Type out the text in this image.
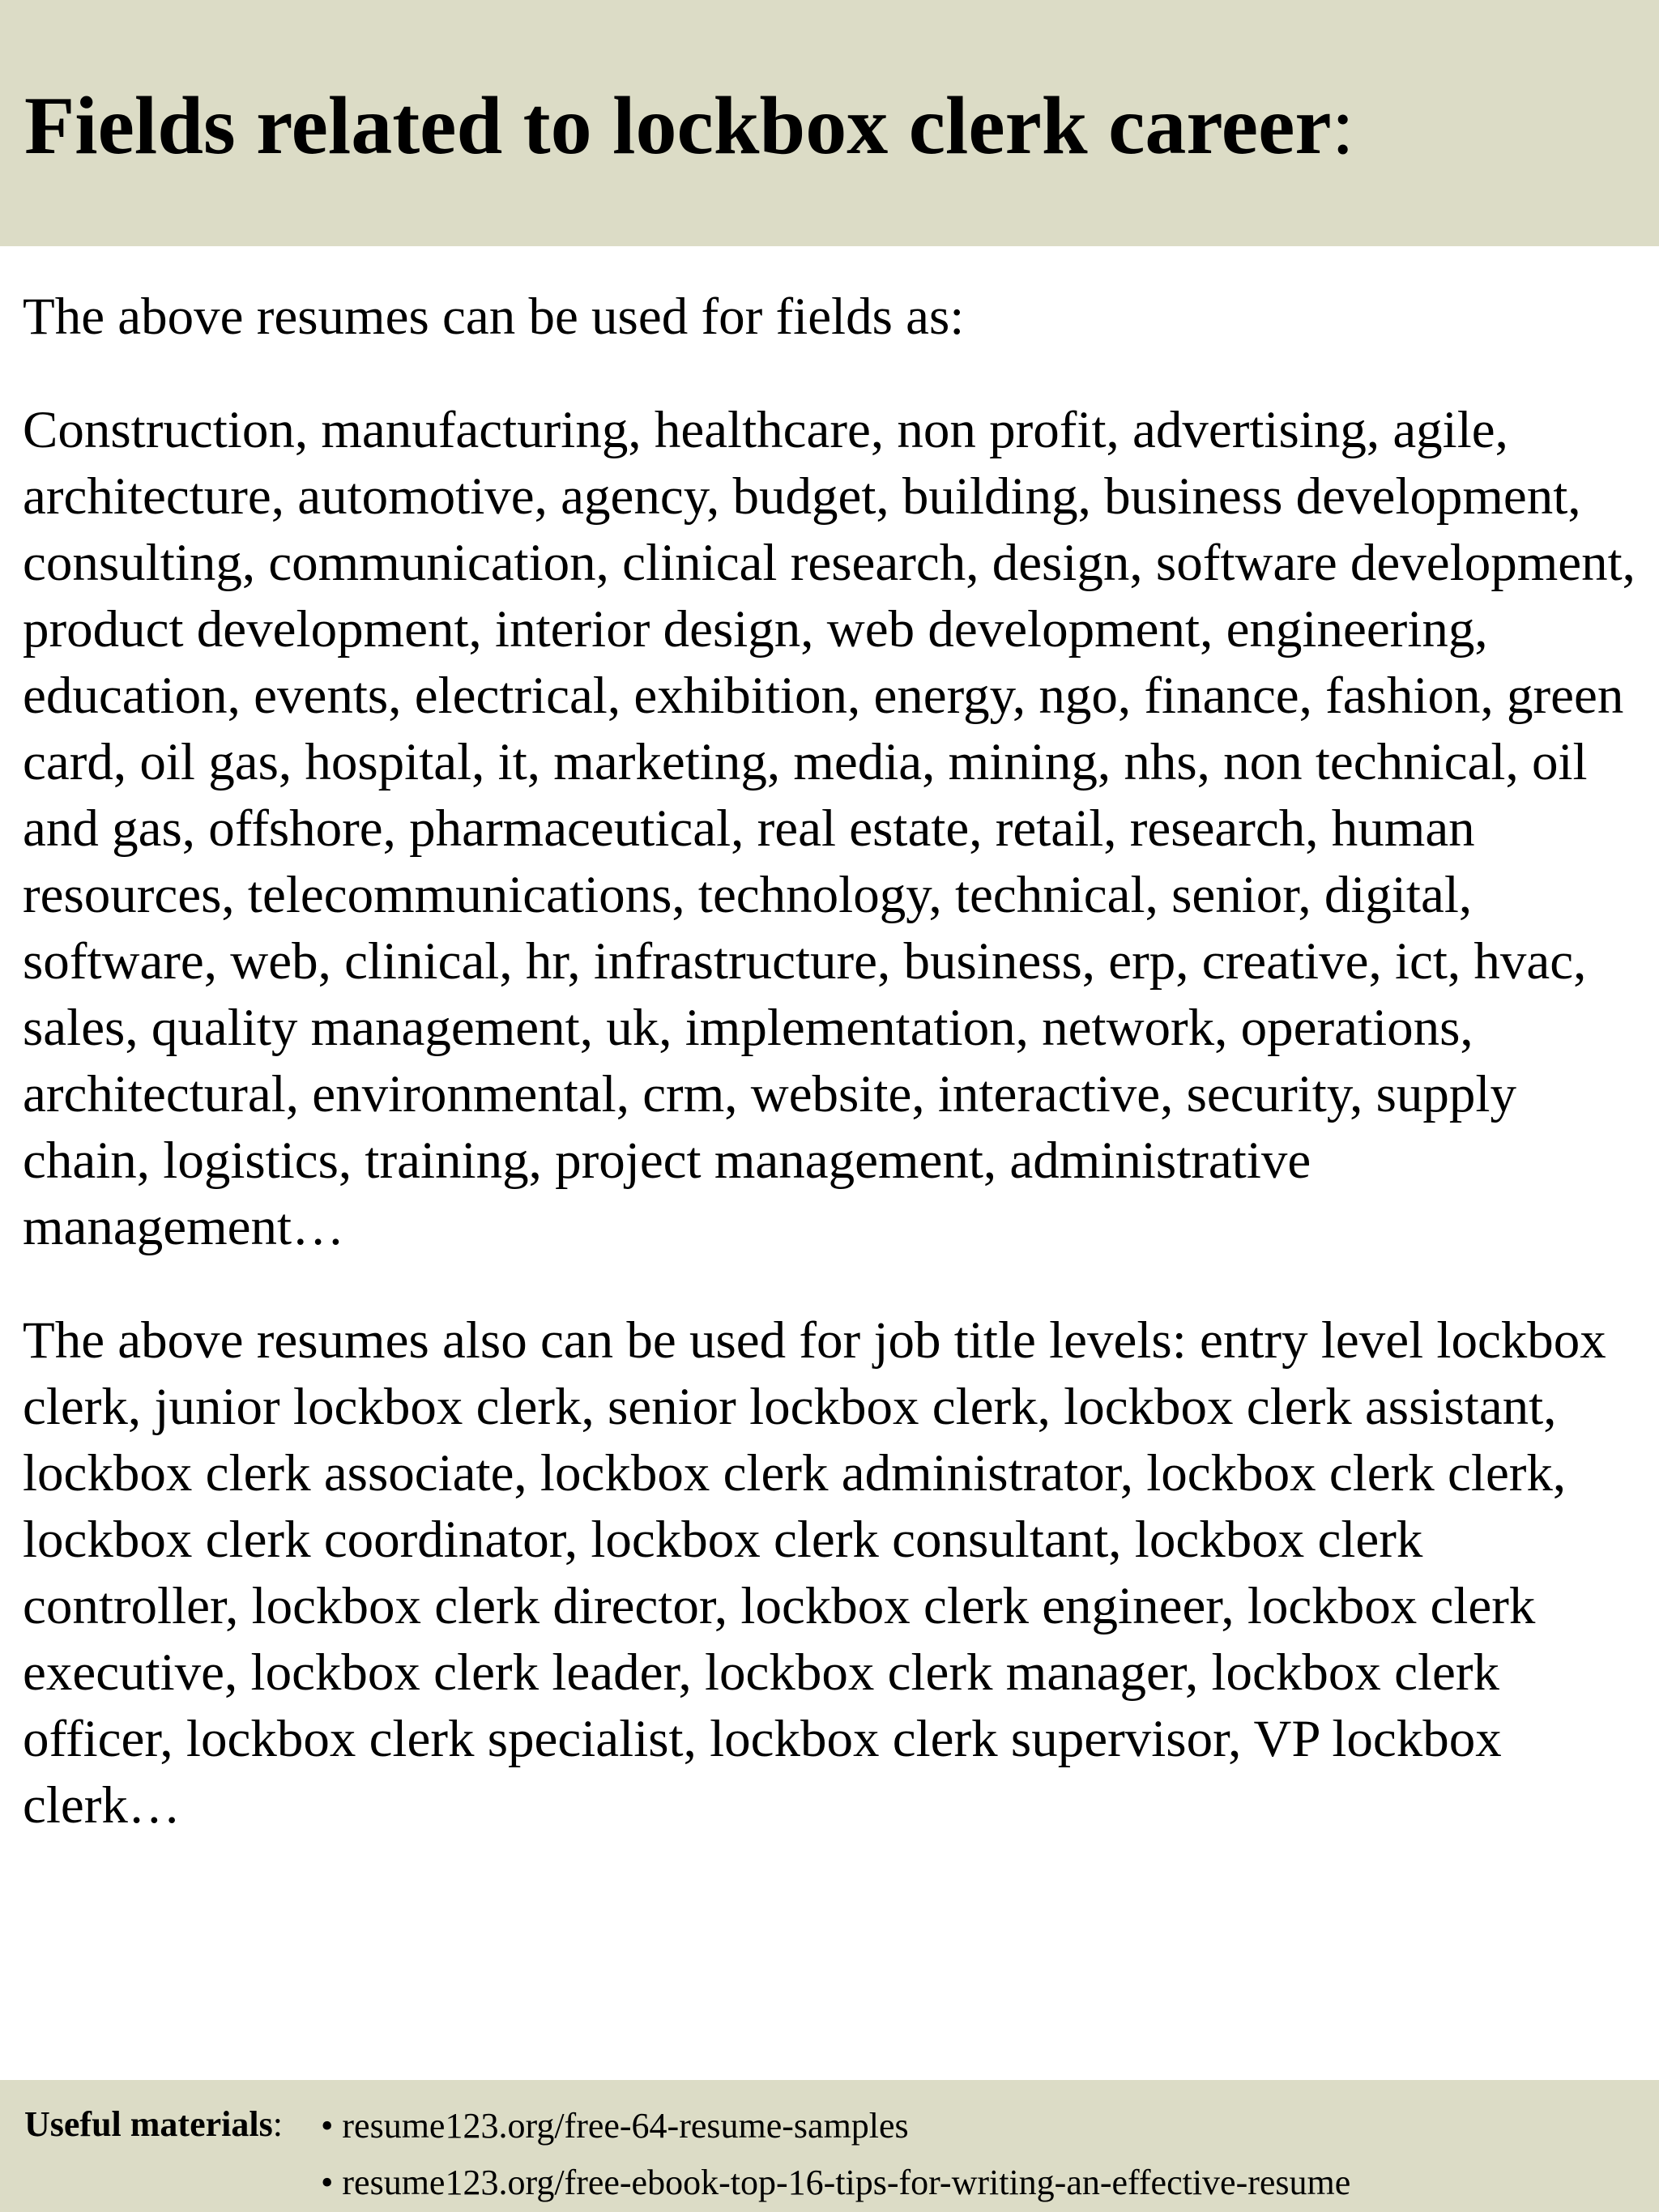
Fields related to lockbox clerk career:

The above resumes can be used for fields as:

Construction, manufacturing, healthcare, non profit, advertising, agile, architecture, automotive, agency, budget, building, business development, consulting, communication, clinical research, design, software development, product development, interior design, web development, engineering, education, events, electrical, exhibition, energy, ngo, finance, fashion, green card, oil gas, hospital, it, marketing, media, mining, nhs, non technical, oil and gas, offshore, pharmaceutical, real estate, retail, research, human resources, telecommunications, technology, technical, senior, digital, software, web, clinical, hr, infrastructure, business, erp, creative, ict, hvac, sales, quality management, uk, implementation, network, operations, architectural, environmental, crm, website, interactive, security, supply chain, logistics, training, project management, administrative management…

The above resumes also can be used for job title levels: entry level lockbox clerk, junior lockbox clerk, senior lockbox clerk, lockbox clerk assistant, lockbox clerk associate, lockbox clerk administrator, lockbox clerk clerk, lockbox clerk coordinator, lockbox clerk consultant, lockbox clerk controller, lockbox clerk director, lockbox clerk engineer, lockbox clerk executive, lockbox clerk leader, lockbox clerk manager, lockbox clerk officer, lockbox clerk specialist, lockbox clerk supervisor, VP lockbox clerk…

Useful materials: • resume123.org/free-64-resume-samples
• resume123.org/free-ebook-top-16-tips-for-writing-an-effective-resume
